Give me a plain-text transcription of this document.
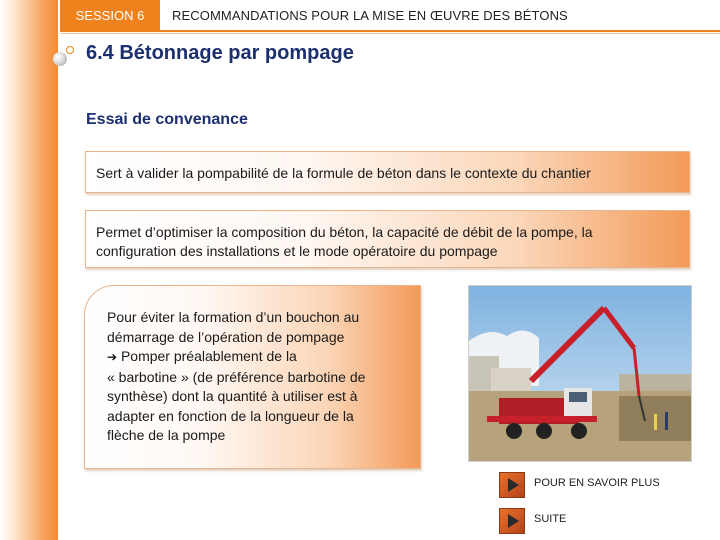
SESSION 6 RECOMMANDATIONS POUR LA MISE EN ŒUVRE DES BÉTONS
6.4 Bétonnage par pompage
Essai de convenance
Sert à valider la pompabilité de la formule de béton dans le contexte du chantier
Permet d’optimiser la composition du béton, la capacité de débit de la pompe, la
configuration des installations et le mode opératoire du pompage
Pour éviter la formation d’un bouchon au
démarrage de l’opération de pompage
➔ Pomper préalablement de la
« barbotine » (de préférence barbotine de
synthèse) dont la quantité à utiliser est à
adapter en fonction de la longueur de la
flèche de la pompe
POUR EN SAVOIR PLUS
SUITE
